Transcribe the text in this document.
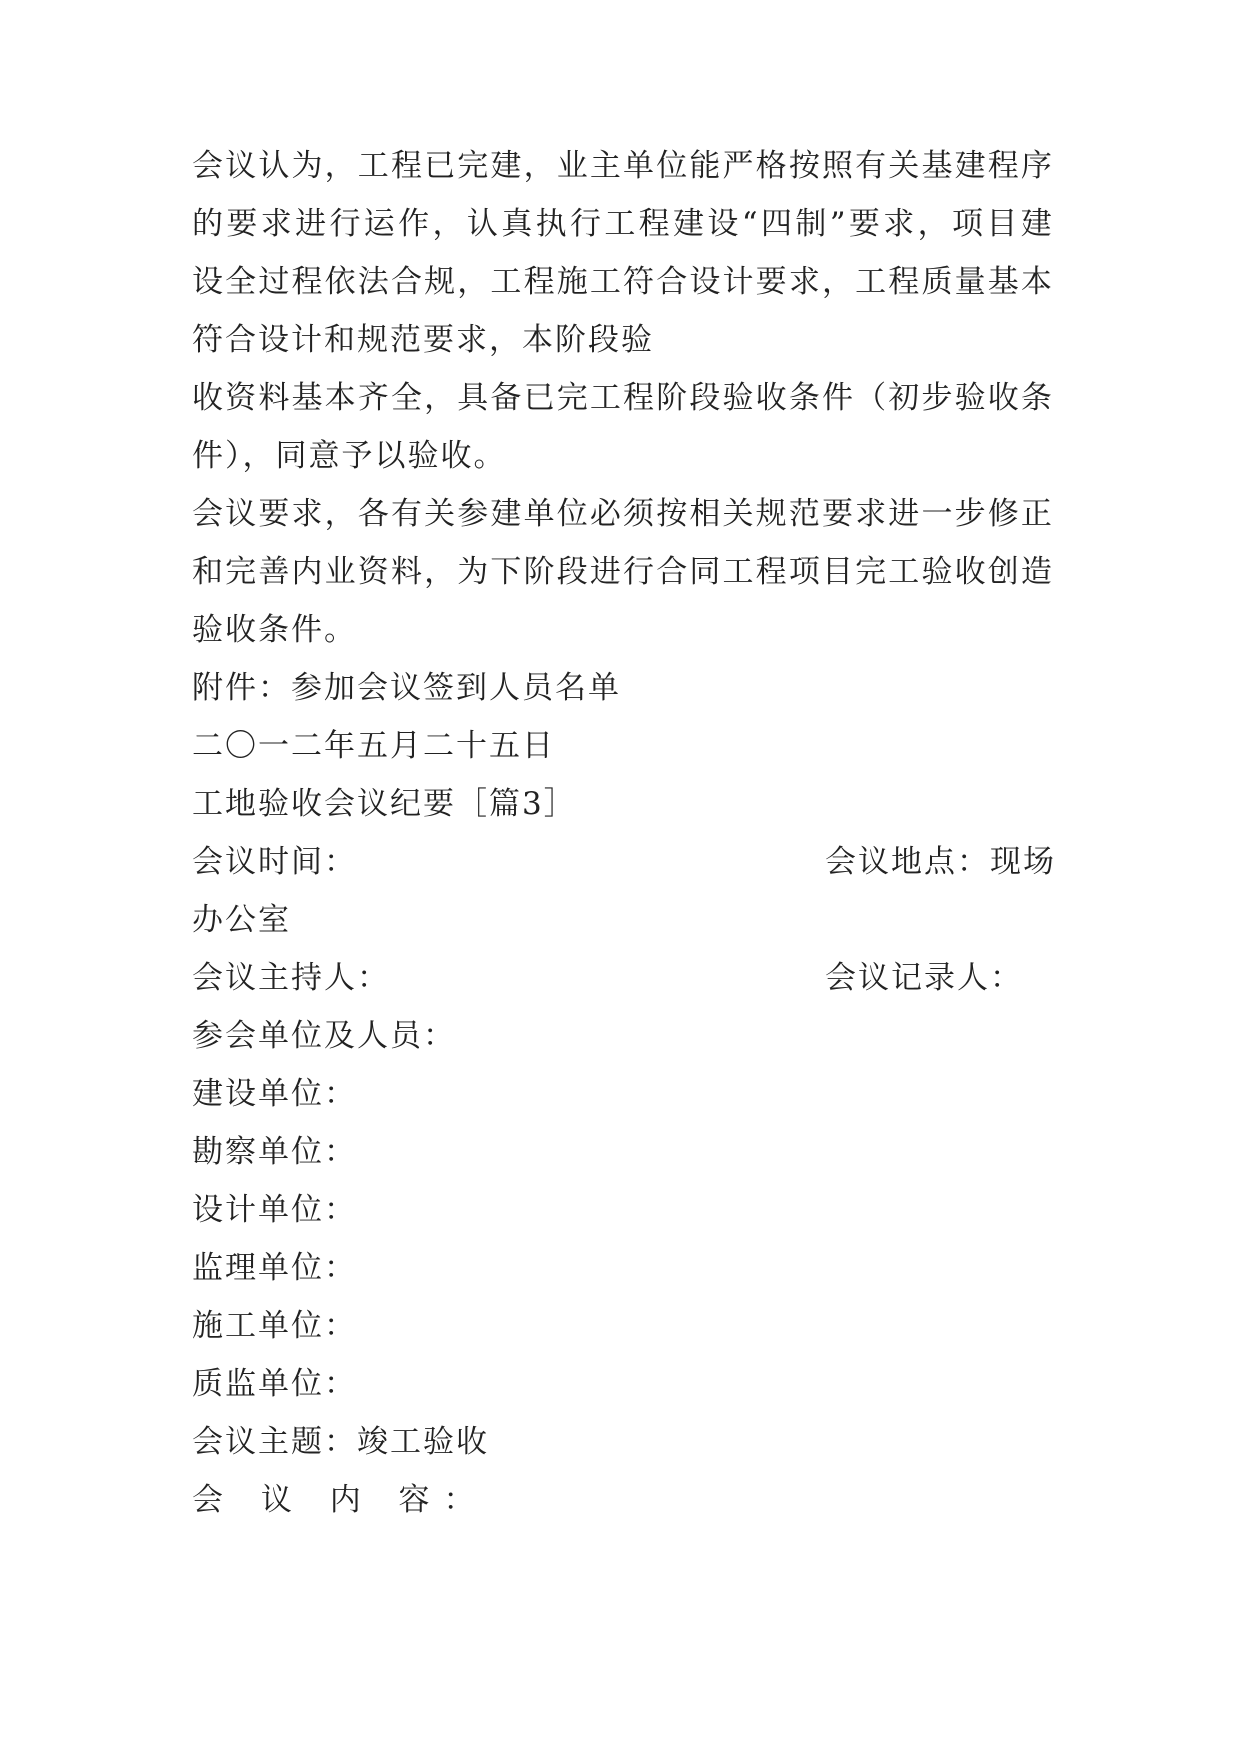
会 议 认 为 ， 工 程 已 完 建 ， 业 主 单 位 能 严 格 按 照 有 关 基 建 程 序
的 要 求 进 行 运 作 ， 认 真 执 行 工 程 建 设 “ 四 制 ” 要 求 ， 项 目 建
设 全 过 程 依 法 合 规 ， 工 程 施 工 符 合 设 计 要 求 ， 工 程 质 量 基 本
符合设计和规范要求，本阶段验
收 资 料 基 本 齐 全 ， 具 备 已 完 工 程 阶 段 验 收 条 件 （ 初 步 验 收 条
件），同意予以验收。
会 议 要 求 ， 各 有 关 参 建 单 位 必 须 按 相 关 规 范 要 求 进 一 步 修 正
和 完 善 内 业 资 料 ， 为 下 阶 段 进 行 合 同 工 程 项 目 完 工 验 收 创 造
验收条件。
附件：参加会议签到人员名单
二〇一二年五月二十五日
工地验收会议纪要［篇3］
会议时间：	会议地点：现场
办公室
会议主持人：	会议记录人：
参会单位及人员：
建设单位：
勘察单位：
设计单位：
监理单位：
施工单位：
质监单位：
会议主题：竣工验收
会 议 内 容：
